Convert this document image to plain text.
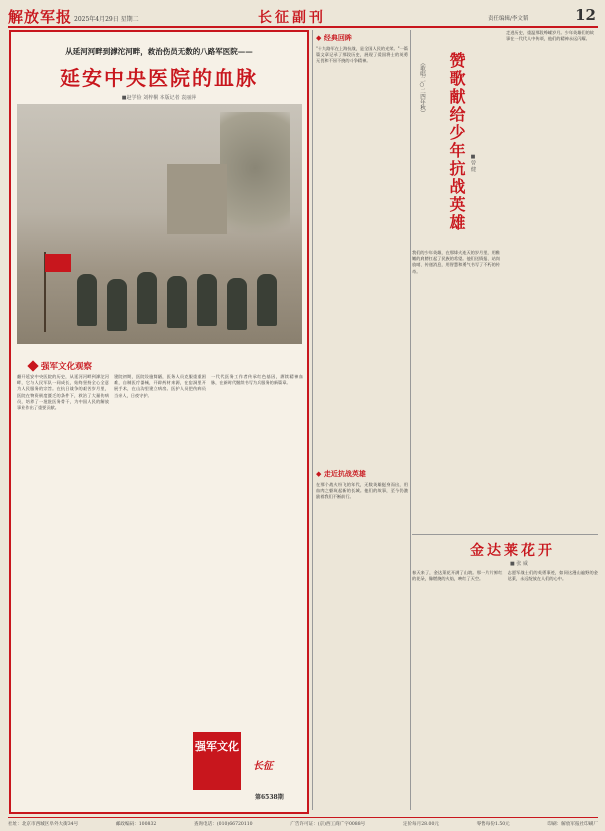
解放军报 2025年4月29日 星期二	长征副刊	责任编辑/李文韬	12
从延河河畔到滹沱河畔，救治伤员无数的八路军医院——
延安中央医院的血脉
■赵学俭 刘梓桐 本版记者 袁丽萍
强军文化观察
翻开延安中央医院的历史，从延河河畔到滹沱河畔，它与人民军队一同成长，始终坚持全心全意为人民服务的宗旨。在抗日战争的艰苦岁月里，医院在物资极度匮乏的条件下，救治了大量伤病员，培养了一批批医务骨干，为中国人民的解放事业作出了重要贡献。
建院初期，医院设施简陋，医务人员克服重重困难，自制医疗器械，开辟药材来源，在窑洞里开展手术，在山沟里建立病房。医护人员把伤病员当亲人，日夜守护。
一代代医务工作者传承红色基因，赓续精神血脉，在新时代继续书写为兵服务的新篇章。
强军文化
长征
第6538期
◆ 经典回眸
"十九路军在上海抗战，是全国人民的光荣。"一篇篇文章记录了那段历史，展现了爱国将士的英勇无畏和不屈不挠的斗争精神。
◆ 走近抗战英雄
在那个战火纷飞的年代，无数英雄挺身而出，用血肉之躯筑起新的长城。他们的故事，至今仍激励着我们不断前行。
（歌唱二○二四年秋） 赞歌献给少年抗战英雄 ■曾 健
我们的少年英雄，在那烽火连天的岁月里，用稚嫩的肩膀扛起了民族的希望。他们送情报、站岗放哨、传递消息，用智慧和勇气书写了不朽的传奇。
走进历史，重温那段峥嵘岁月。少年英雄们的故事在一代代人中传颂，他们的精神永远闪耀。
金达莱花开
■ 张 威
春天来了，金达莱花开满了山坡。那一片片鲜红的花朵，像燃烧的火焰，映红了天空。
志愿军战士们的英勇事迹，如同这漫山遍野的金达莱，永远绽放在人们的心中。
社址：北京市西城区阜外大街34号	邮政编码：100832	查询电话：(010)66720110	广告许可证：(京)西工商广字0088号	定价每月28.00元	零售每份1.50元	印刷：解放军报社印刷厂
